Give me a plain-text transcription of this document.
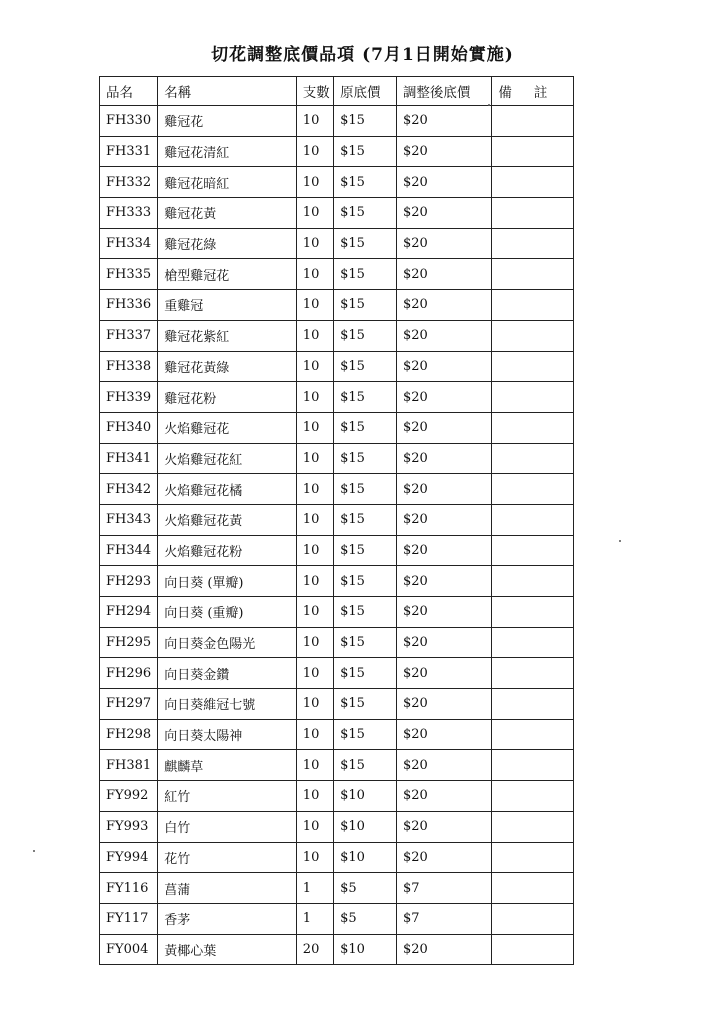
切花調整底價品項 (7月1日開始實施)
品名	名稱	支數	原底價	調整後底價	備 註
FH330	雞冠花	10	$15	$20	
FH331	雞冠花清紅	10	$15	$20	
FH332	雞冠花暗紅	10	$15	$20	
FH333	雞冠花黃	10	$15	$20	
FH334	雞冠花綠	10	$15	$20	
FH335	槍型雞冠花	10	$15	$20	
FH336	重雞冠	10	$15	$20	
FH337	雞冠花紫紅	10	$15	$20	
FH338	雞冠花黃綠	10	$15	$20	
FH339	雞冠花粉	10	$15	$20	
FH340	火焰雞冠花	10	$15	$20	
FH341	火焰雞冠花紅	10	$15	$20	
FH342	火焰雞冠花橘	10	$15	$20	
FH343	火焰雞冠花黃	10	$15	$20	
FH344	火焰雞冠花粉	10	$15	$20	
FH293	向日葵 (單瓣)	10	$15	$20	
FH294	向日葵 (重瓣)	10	$15	$20	
FH295	向日葵金色陽光	10	$15	$20	
FH296	向日葵金鑽	10	$15	$20	
FH297	向日葵維冠七號	10	$15	$20	
FH298	向日葵太陽神	10	$15	$20	
FH381	麒麟草	10	$15	$20	
FY992	紅竹	10	$10	$20	
FY993	白竹	10	$10	$20	
FY994	花竹	10	$10	$20	
FY116	菖蒲	1	$5	$7	
FY117	香茅	1	$5	$7	
FY004	黃椰心葉	20	$10	$20	
